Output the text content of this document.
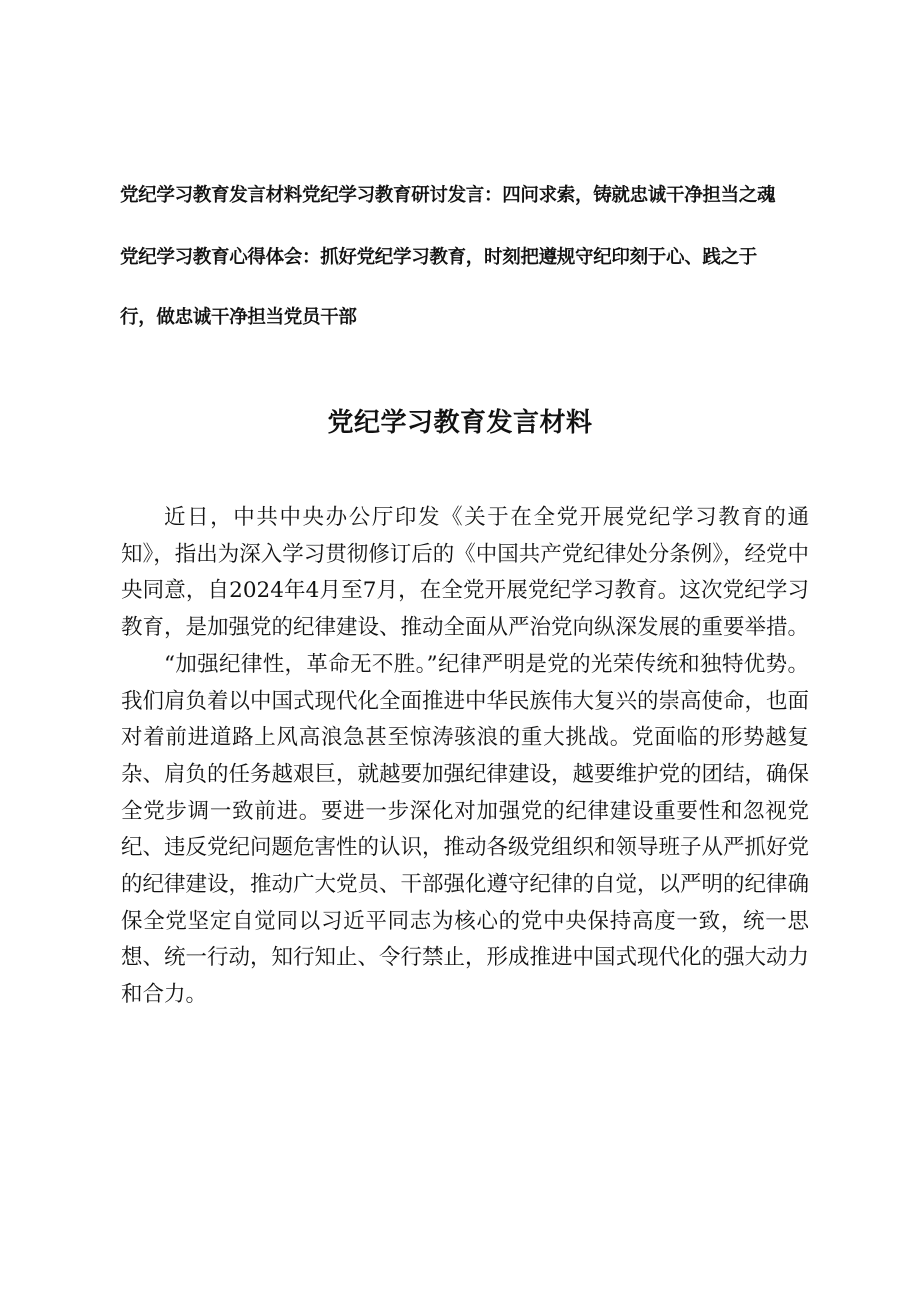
党纪学习教育发言材料党纪学习教育研讨发言：四问求索，铸就忠诚干净担当之魂
党纪学习教育心得体会：抓好党纪学习教育，时刻把遵规守纪印刻于心、践之于
行，做忠诚干净担当党员干部
党纪学习教育发言材料

近日，中共中央办公厅印发《关于在全党开展党纪学习教育的通知》，指出为深入学习贯彻修订后的《中国共产党纪律处分条例》，经党中央同意，自2024年4月至7月，在全党开展党纪学习教育。这次党纪学习教育，是加强党的纪律建设、推动全面从严治党向纵深发展的重要举措。

“加强纪律性，革命无不胜。”纪律严明是党的光荣传统和独特优势。我们肩负着以中国式现代化全面推进中华民族伟大复兴的崇高使命，也面对着前进道路上风高浪急甚至惊涛骇浪的重大挑战。党面临的形势越复杂、肩负的任务越艰巨，就越要加强纪律建设，越要维护党的团结，确保全党步调一致前进。要进一步深化对加强党的纪律建设重要性和忽视党纪、违反党纪问题危害性的认识，推动各级党组织和领导班子从严抓好党的纪律建设，推动广大党员、干部强化遵守纪律的自觉，以严明的纪律确保全党坚定自觉同以习近平同志为核心的党中央保持高度一致，统一思想、统一行动，知行知止、令行禁止，形成推进中国式现代化的强大动力和合力。
